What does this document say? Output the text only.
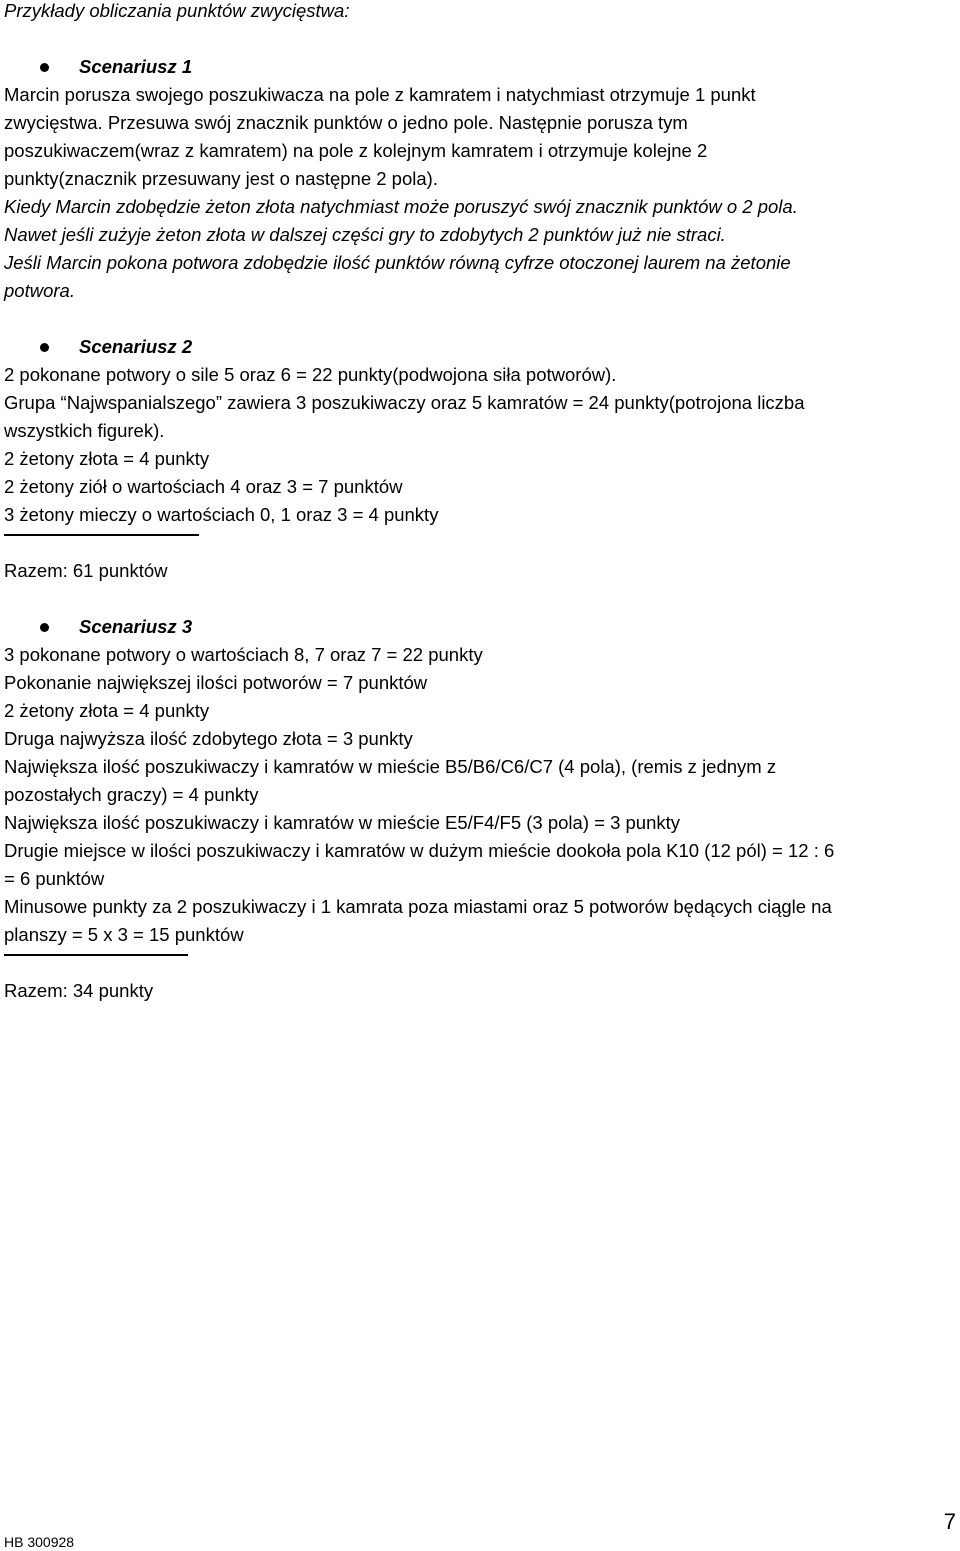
Przykłady obliczania punktów zwycięstwa:
Scenariusz 1
Marcin porusza swojego poszukiwacza na pole z kamratem i natychmiast otrzymuje 1 punkt
zwycięstwa. Przesuwa swój znacznik punktów o jedno pole. Następnie porusza tym
poszukiwaczem(wraz z kamratem) na pole z kolejnym kamratem i otrzymuje kolejne 2
punkty(znacznik przesuwany jest o następne 2 pola).
Kiedy Marcin zdobędzie żeton złota natychmiast może poruszyć swój znacznik punktów o 2 pola.
Nawet jeśli zużyje żeton złota w dalszej części gry to zdobytych 2 punktów już nie straci.
Jeśli Marcin pokona potwora zdobędzie ilość punktów równą cyfrze otoczonej laurem na żetonie
potwora.
Scenariusz 2
2 pokonane potwory o sile 5 oraz 6 = 22 punkty(podwojona siła potworów).
Grupa “Najwspanialszego” zawiera 3 poszukiwaczy oraz 5 kamratów = 24 punkty(potrojona liczba
wszystkich figurek).
2 żetony złota = 4 punkty
2 żetony ziół o wartościach 4 oraz 3 = 7 punktów
3 żetony mieczy o wartościach 0, 1 oraz 3 = 4 punkty
Razem: 61 punktów
Scenariusz 3
3 pokonane potwory o wartościach 8, 7 oraz 7 = 22 punkty
Pokonanie największej ilości potworów = 7 punktów
2 żetony złota = 4 punkty
Druga najwyższa ilość zdobytego złota = 3 punkty
Największa ilość poszukiwaczy i kamratów w mieście B5/B6/C6/C7 (4 pola), (remis z jednym z
pozostałych graczy) = 4 punkty
Największa ilość poszukiwaczy i kamratów w mieście E5/F4/F5 (3 pola) = 3 punkty
Drugie miejsce w ilości poszukiwaczy i kamratów w dużym mieście dookoła pola K10 (12 pól) = 12 : 6
= 6 punktów
Minusowe punkty za 2 poszukiwaczy i 1 kamrata poza miastami oraz 5 potworów będących ciągle na
planszy = 5 x 3 = 15 punktów
Razem: 34 punkty
HB 300928
7
